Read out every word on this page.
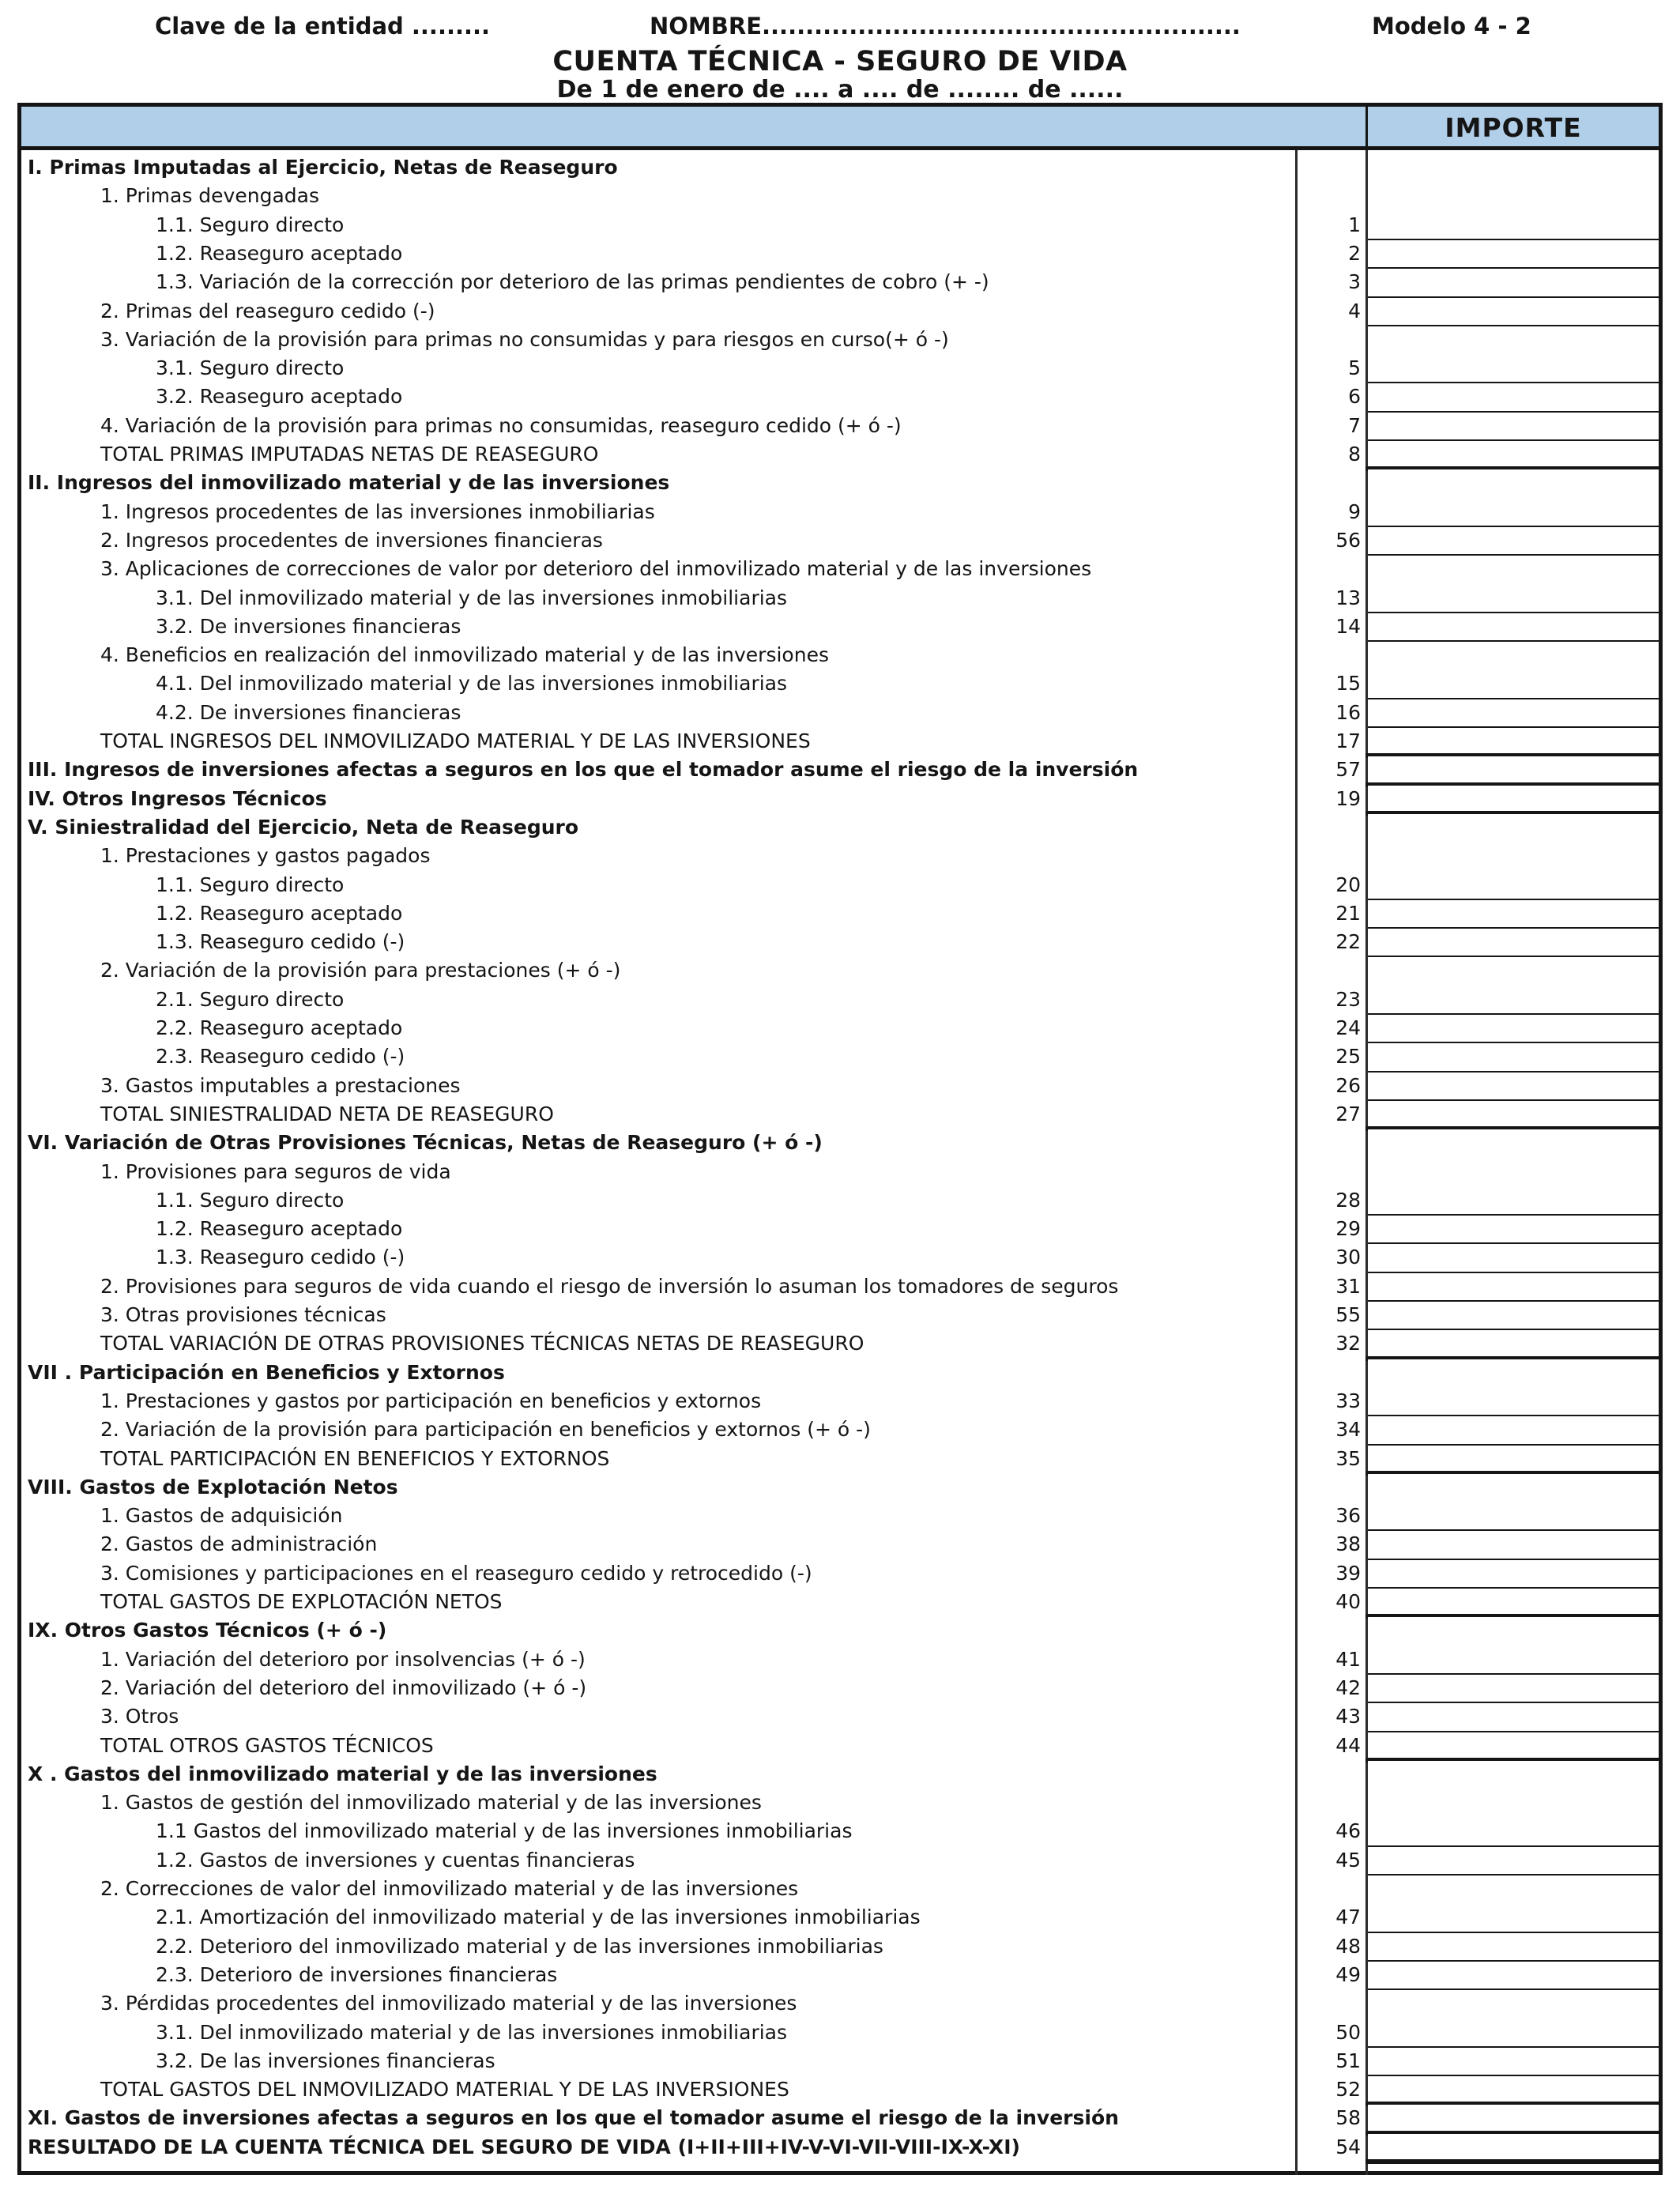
Clave de la entidad .........	NOMBRE.......................................................	Modelo 4 - 2
CUENTA TÉCNICA - SEGURO DE VIDA
De 1 de enero de .... a .... de ........ de ......
IMPORTE
I. Primas Imputadas al Ejercicio, Netas de Reaseguro
1. Primas devengadas
1.1. Seguro directo	1
1.2. Reaseguro aceptado	2
1.3. Variación de la corrección por deterioro de las primas pendientes de cobro (+ -)	3
2. Primas del reaseguro cedido (-)	4
3. Variación de la provisión para primas no consumidas y para riesgos en curso(+ ó -)
3.1. Seguro directo	5
3.2. Reaseguro aceptado	6
4. Variación de la provisión para primas no consumidas, reaseguro cedido (+ ó -)	7
TOTAL PRIMAS IMPUTADAS NETAS DE REASEGURO	8
II. Ingresos del inmovilizado material y de las inversiones
1. Ingresos procedentes de las inversiones inmobiliarias	9
2. Ingresos procedentes de inversiones financieras	56
3. Aplicaciones de correcciones de valor por deterioro del inmovilizado material y de las inversiones
3.1. Del inmovilizado material y de las inversiones inmobiliarias	13
3.2. De inversiones financieras	14
4. Beneficios en realización del inmovilizado material y de las inversiones
4.1. Del inmovilizado material y de las inversiones inmobiliarias	15
4.2. De inversiones financieras	16
TOTAL INGRESOS DEL INMOVILIZADO MATERIAL Y DE LAS INVERSIONES	17
III. Ingresos de inversiones afectas a seguros en los que el tomador asume el riesgo de la inversión	57
IV. Otros Ingresos Técnicos	19
V. Siniestralidad del Ejercicio, Neta de Reaseguro
1. Prestaciones y gastos pagados
1.1. Seguro directo	20
1.2. Reaseguro aceptado	21
1.3. Reaseguro cedido (-)	22
2. Variación de la provisión para prestaciones (+ ó -)
2.1. Seguro directo	23
2.2. Reaseguro aceptado	24
2.3. Reaseguro cedido (-)	25
3. Gastos imputables a prestaciones	26
TOTAL SINIESTRALIDAD NETA DE REASEGURO	27
VI. Variación de Otras Provisiones Técnicas, Netas de Reaseguro (+ ó -)
1. Provisiones para seguros de vida
1.1. Seguro directo	28
1.2. Reaseguro aceptado	29
1.3. Reaseguro cedido (-)	30
2. Provisiones para seguros de vida cuando el riesgo de inversión lo asuman los tomadores de seguros	31
3. Otras provisiones técnicas	55
TOTAL VARIACIÓN DE OTRAS PROVISIONES TÉCNICAS NETAS DE REASEGURO	32
VII . Participación en Beneficios y Extornos
1. Prestaciones y gastos por participación en beneficios y extornos	33
2. Variación de la provisión para participación en beneficios y extornos (+ ó -)	34
TOTAL PARTICIPACIÓN EN BENEFICIOS Y EXTORNOS	35
VIII. Gastos de Explotación Netos
1. Gastos de adquisición	36
2. Gastos de administración	38
3. Comisiones y participaciones en el reaseguro cedido y retrocedido (-)	39
TOTAL GASTOS DE EXPLOTACIÓN NETOS	40
IX. Otros Gastos Técnicos (+ ó -)
1. Variación del deterioro por insolvencias (+ ó -)	41
2. Variación del deterioro del inmovilizado (+ ó -)	42
3. Otros	43
TOTAL OTROS GASTOS TÉCNICOS	44
X . Gastos del inmovilizado material y de las inversiones
1. Gastos de gestión del inmovilizado material y de las inversiones
1.1 Gastos del inmovilizado material y de las inversiones inmobiliarias	46
1.2. Gastos de inversiones y cuentas financieras	45
2. Correcciones de valor del inmovilizado material y de las inversiones
2.1. Amortización del inmovilizado material y de las inversiones inmobiliarias	47
2.2. Deterioro del inmovilizado material y de las inversiones inmobiliarias	48
2.3. Deterioro de inversiones financieras	49
3. Pérdidas procedentes del inmovilizado material y de las inversiones
3.1. Del inmovilizado material y de las inversiones inmobiliarias	50
3.2. De las inversiones financieras	51
TOTAL GASTOS DEL INMOVILIZADO MATERIAL Y DE LAS INVERSIONES	52
XI. Gastos de inversiones afectas a seguros en los que el tomador asume el riesgo de la inversión	58
RESULTADO DE LA CUENTA TÉCNICA DEL SEGURO DE VIDA (I+II+III+IV-V-VI-VII-VIII-IX-X-XI)	54
